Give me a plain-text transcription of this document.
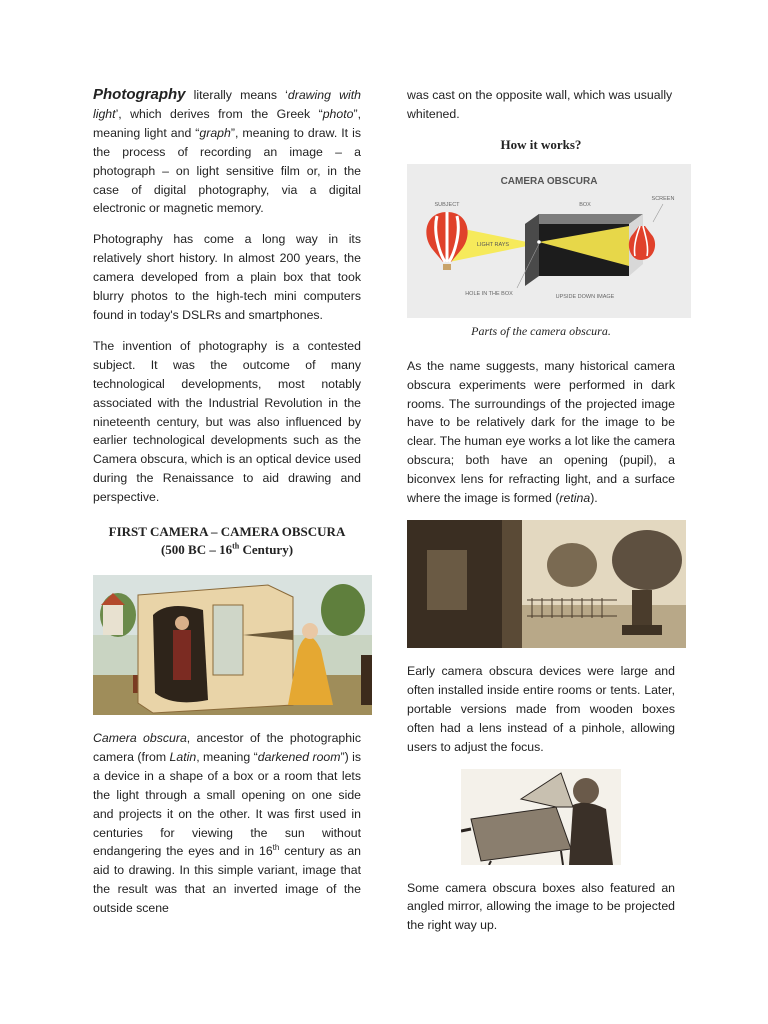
Photography literally means ‘drawing with light’, which derives from the Greek “photo”, meaning light and “graph”, meaning to draw. It is the process of recording an image – a photograph – on light sensitive film or, in the case of digital photography, via a digital electronic or magnetic memory.

Photography has come a long way in its relatively short history. In almost 200 years, the camera developed from a plain box that took blurry photos to the high-tech mini computers found in today's DSLRs and smartphones.

The invention of photography is a contested subject. It was the outcome of many technological developments, most notably associated with the Industrial Revolution in the nineteenth century, but was also influenced by earlier technological developments such as the Camera obscura, which is an optical device used during the Renaissance to aid drawing and perspective.

FIRST CAMERA – CAMERA OBSCURA
(500 BC – 16th Century)

Camera obscura, ancestor of the photographic camera (from Latin, meaning “darkened room”) is a device in a shape of a box or a room that lets the light through a small opening on one side and projects it on the other. It was first used in centuries for viewing the sun without endangering the eyes and in 16th century as an aid to drawing. In this simple variant, image that the result was that an inverted image of the outside scene

was cast on the opposite wall, which was usually whitened.

How it works?
CAMERA OBSCURA
SUBJECT	BOX
SCREEN
LIGHT RAYS
HOLE IN THE BOX	UPSIDE DOWN IMAGE
Parts of the camera obscura.

As the name suggests, many historical camera obscura experiments were performed in dark rooms. The surroundings of the projected image have to be relatively dark for the image to be clear. The human eye works a lot like the camera obscura; both have an opening (pupil), a biconvex lens for refracting light, and a surface where the image is formed (retina).

Early camera obscura devices were large and often installed inside entire rooms or tents. Later, portable versions made from wooden boxes often had a lens instead of a pinhole, allowing users to adjust the focus.

Some camera obscura boxes also featured an angled mirror, allowing the image to be projected the right way up.
